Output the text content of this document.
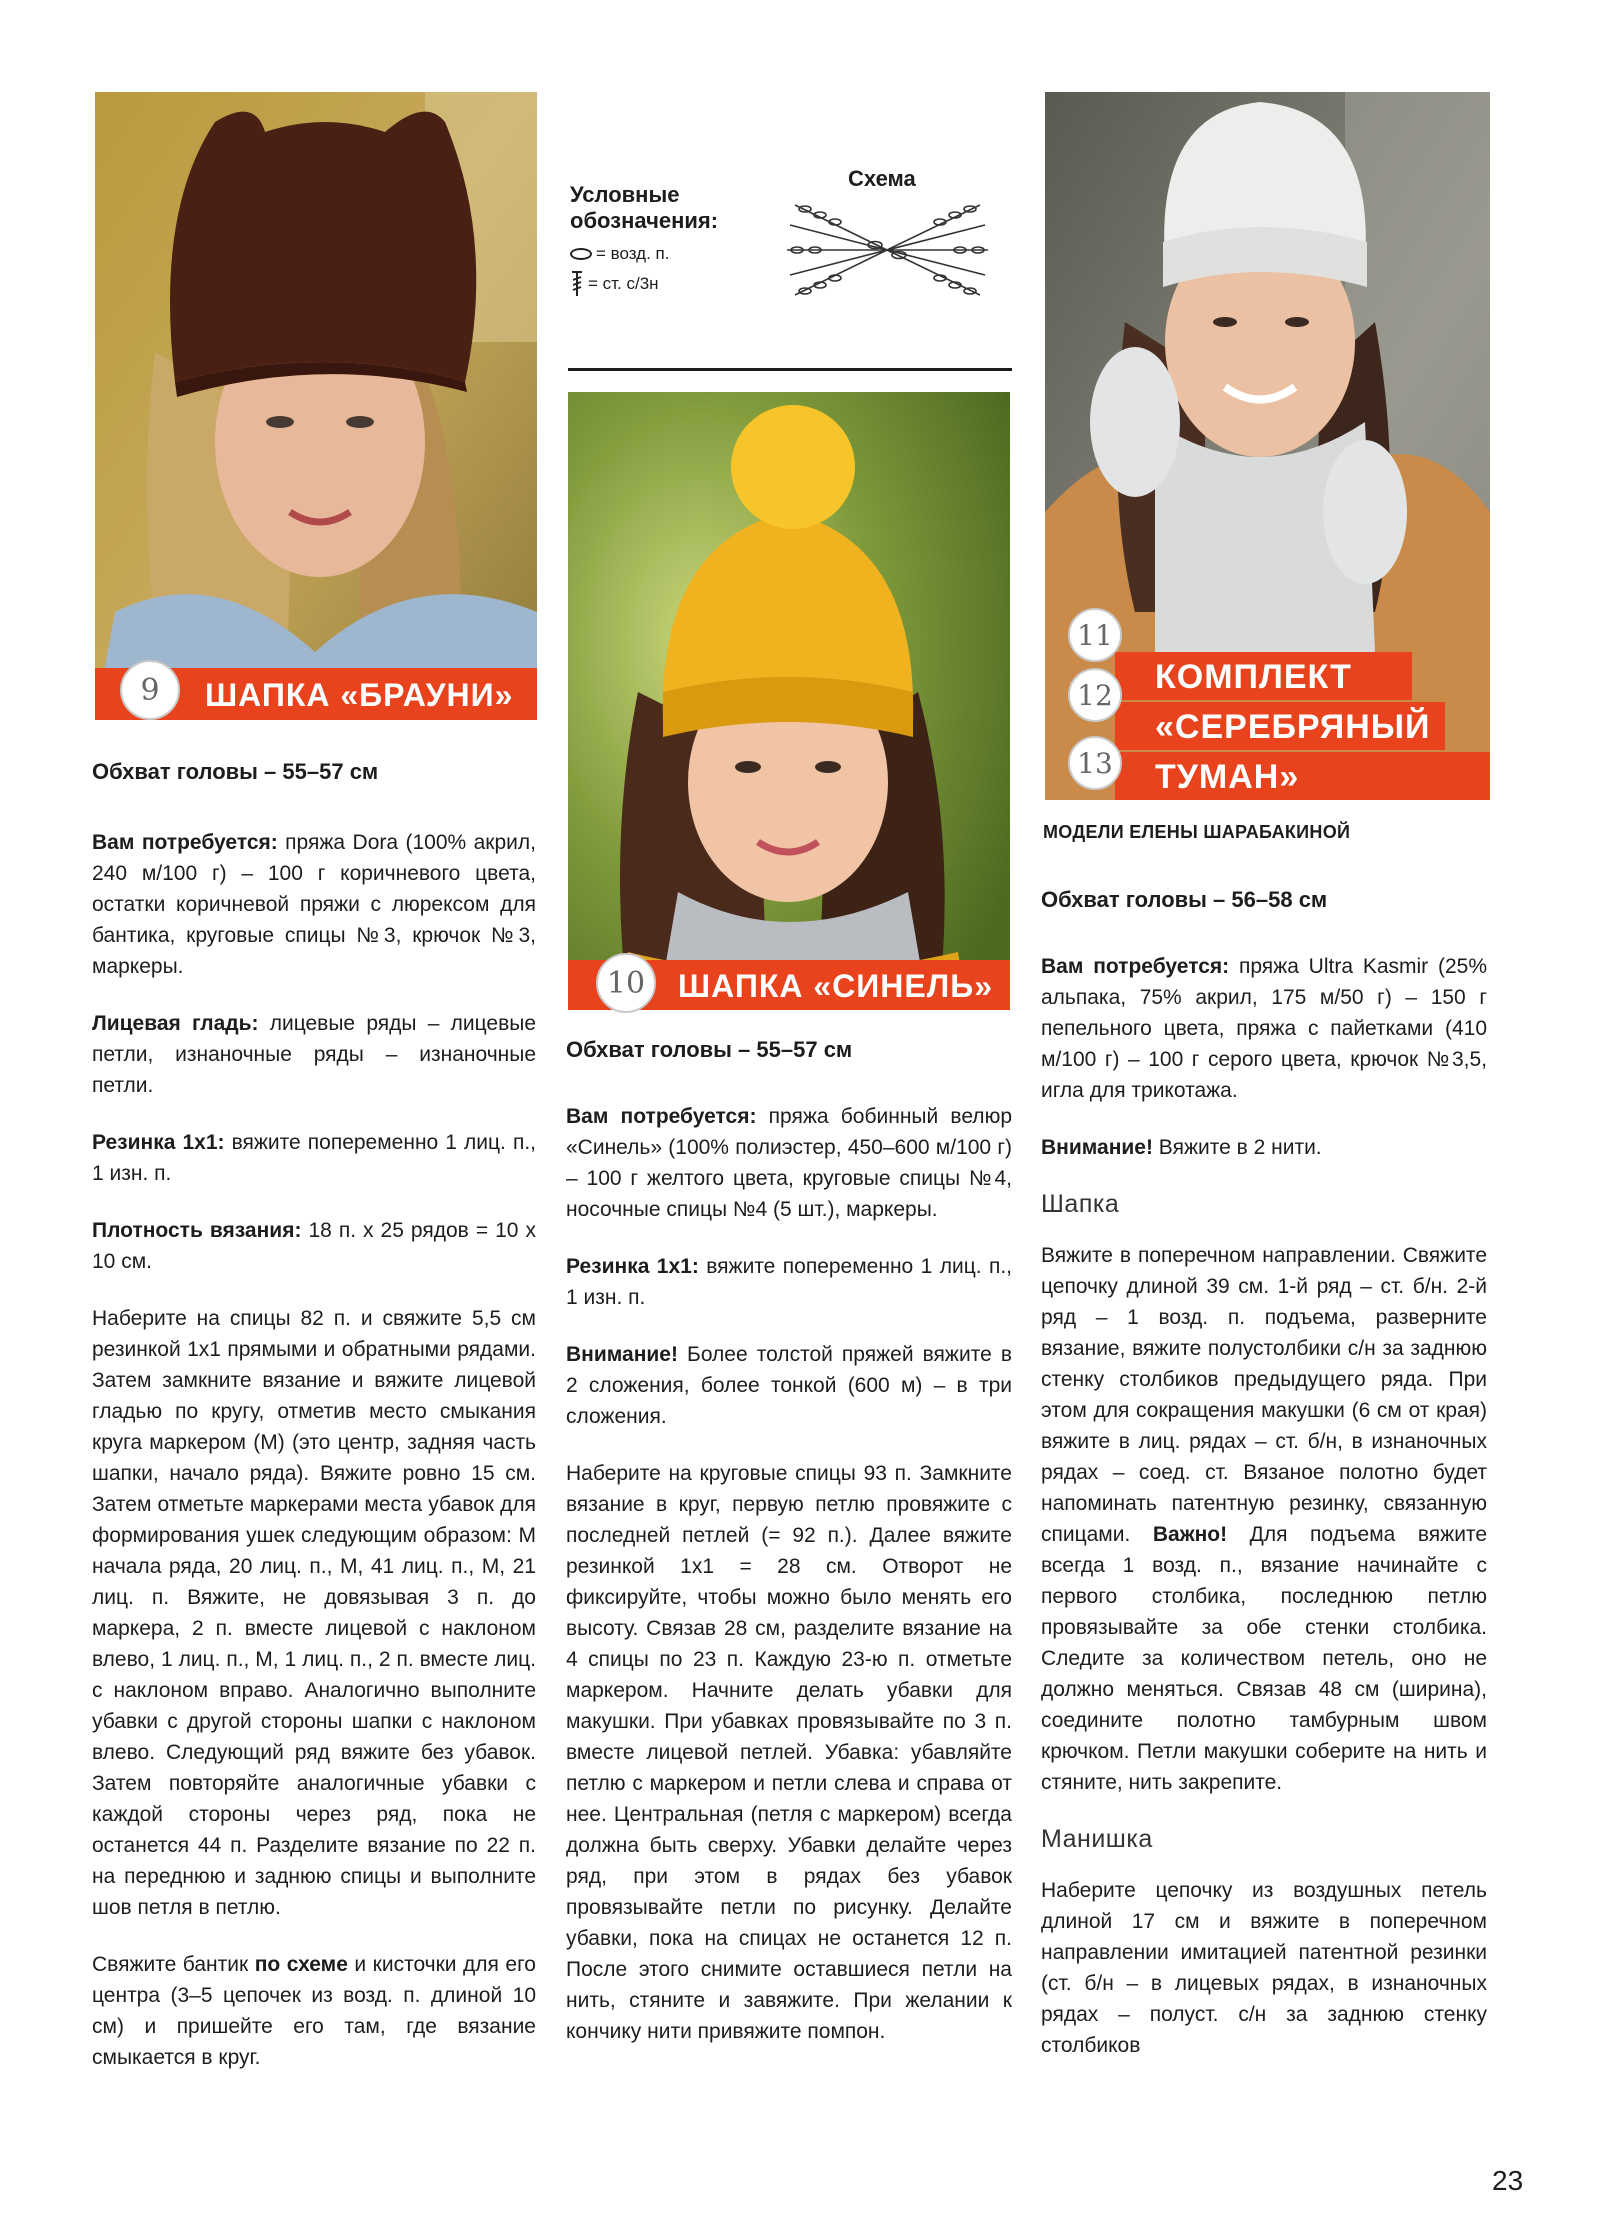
ШАПКА «БРАУНИ»
9

Обхват головы – 55–57 см

Вам потребуется: пряжа Dora (100% акрил, 240 м/100 г) – 100 г коричневого цвета, остатки коричневой пряжи с люрексом для бантика, круговые спицы №3, крючок №3, маркеры.

Лицевая гладь: лицевые ряды – лицевые петли, изнаночные ряды – изнаночные петли.

Резинка 1х1: вяжите попеременно 1 лиц. п., 1 изн. п.

Плотность вязания: 18 п. х 25 рядов = 10 х 10 см.

Наберите на спицы 82 п. и свяжите 5,5 см резинкой 1х1 прямыми и обратными рядами. Затем замкните вязание и вяжите лицевой гладью по кругу, отметив место смыкания круга маркером (М) (это центр, задняя часть шапки, начало ряда). Вяжите ровно 15 см. Затем отметьте маркерами места убавок для формирования ушек следующим образом: М начала ряда, 20 лиц. п., М, 41 лиц. п., М, 21 лиц. п. Вяжите, не довязывая 3 п. до маркера, 2 п. вместе лицевой с наклоном влево, 1 лиц. п., М, 1 лиц. п., 2 п. вместе лиц. с наклоном вправо. Аналогично выполните убавки с другой стороны шапки с наклоном влево. Следующий ряд вяжите без убавок. Затем повторяйте аналогичные убавки с каждой стороны через ряд, пока не останется 44 п. Разделите вязание по 22 п. на переднюю и заднюю спицы и выполните шов петля в петлю.

Свяжите бантик по схеме и кисточки для его центра (3–5 цепочек из возд. п. длиной 10 см) и пришейте его там, где вязание смыкается в круг.

Условные
обозначения:
= возд. п.
= ст. с/3н
Схема
ШАПКА «СИНЕЛЬ»
10

Обхват головы – 55–57 см

Вам потребуется: пряжа бобинный велюр «Синель» (100% полиэстер, 450–600 м/100 г) – 100 г желтого цвета, круговые спицы №4, носочные спицы №4 (5 шт.), маркеры.

Резинка 1х1: вяжите попеременно 1 лиц. п., 1 изн. п.

Внимание! Более толстой пряжей вяжите в 2 сложения, более тонкой (600 м) – в три сложения.

Наберите на круговые спицы 93 п. Замкните вязание в круг, первую петлю провяжите с последней петлей (= 92 п.). Далее вяжите резинкой 1х1 = 28 см. Отворот не фиксируйте, чтобы можно было менять его высоту. Связав 28 см, разделите вязание на 4 спицы по 23 п. Каждую 23-ю п. отметьте маркером. Начните делать убавки для макушки. При убавках провязывайте по 3 п. вместе лицевой петлей. Убавка: убавляйте петлю с маркером и петли слева и справа от нее. Центральная (петля с маркером) всегда должна быть сверху. Убавки делайте через ряд, при этом в рядах без убавок провязывайте петли по рисунку. Делайте убавки, пока на спицах не останется 12 п. После этого снимите оставшиеся петли на нить, стяните и завяжите. При желании к кончику нити привяжите помпон.

КОМПЛЕКТ
«СЕРЕБРЯНЫЙ
ТУМАН»
11
12
13
МОДЕЛИ ЕЛЕНЫ ШАРАБАКИНОЙ

Обхват головы – 56–58 см

Вам потребуется: пряжа Ultra Kasmir (25% альпака, 75% акрил, 175 м/50 г) – 150 г пепельного цвета, пряжа с пайетками (410 м/100 г) – 100 г серого цвета, крючок №3,5, игла для трикотажа.

Внимание! Вяжите в 2 нити.

Шапка

Вяжите в поперечном направлении. Свяжите цепочку длиной 39 см. 1-й ряд – ст. б/н. 2-й ряд – 1 возд. п. подъема, разверните вязание, вяжите полустолбики с/н за заднюю стенку столбиков предыдущего ряда. При этом для сокращения макушки (6 см от края) вяжите в лиц. рядах – ст. б/н, в изнаночных рядах – соед. ст. Вязаное полотно будет напоминать патентную резинку, связанную спицами. Важно! Для подъема вяжите всегда 1 возд. п., вязание начинайте с первого столбика, последнюю петлю провязывайте за обе стенки столбика. Следите за количеством петель, оно не должно меняться. Связав 48 см (ширина), соедините полотно тамбурным швом крючком. Петли макушки соберите на нить и стяните, нить закрепите.

Манишка

Наберите цепочку из воздушных петель длиной 17 см и вяжите в поперечном направлении имитацией патентной резинки (ст. б/н – в лицевых рядах, в изнаночных рядах – полуст. с/н за заднюю стенку столбиков

23
